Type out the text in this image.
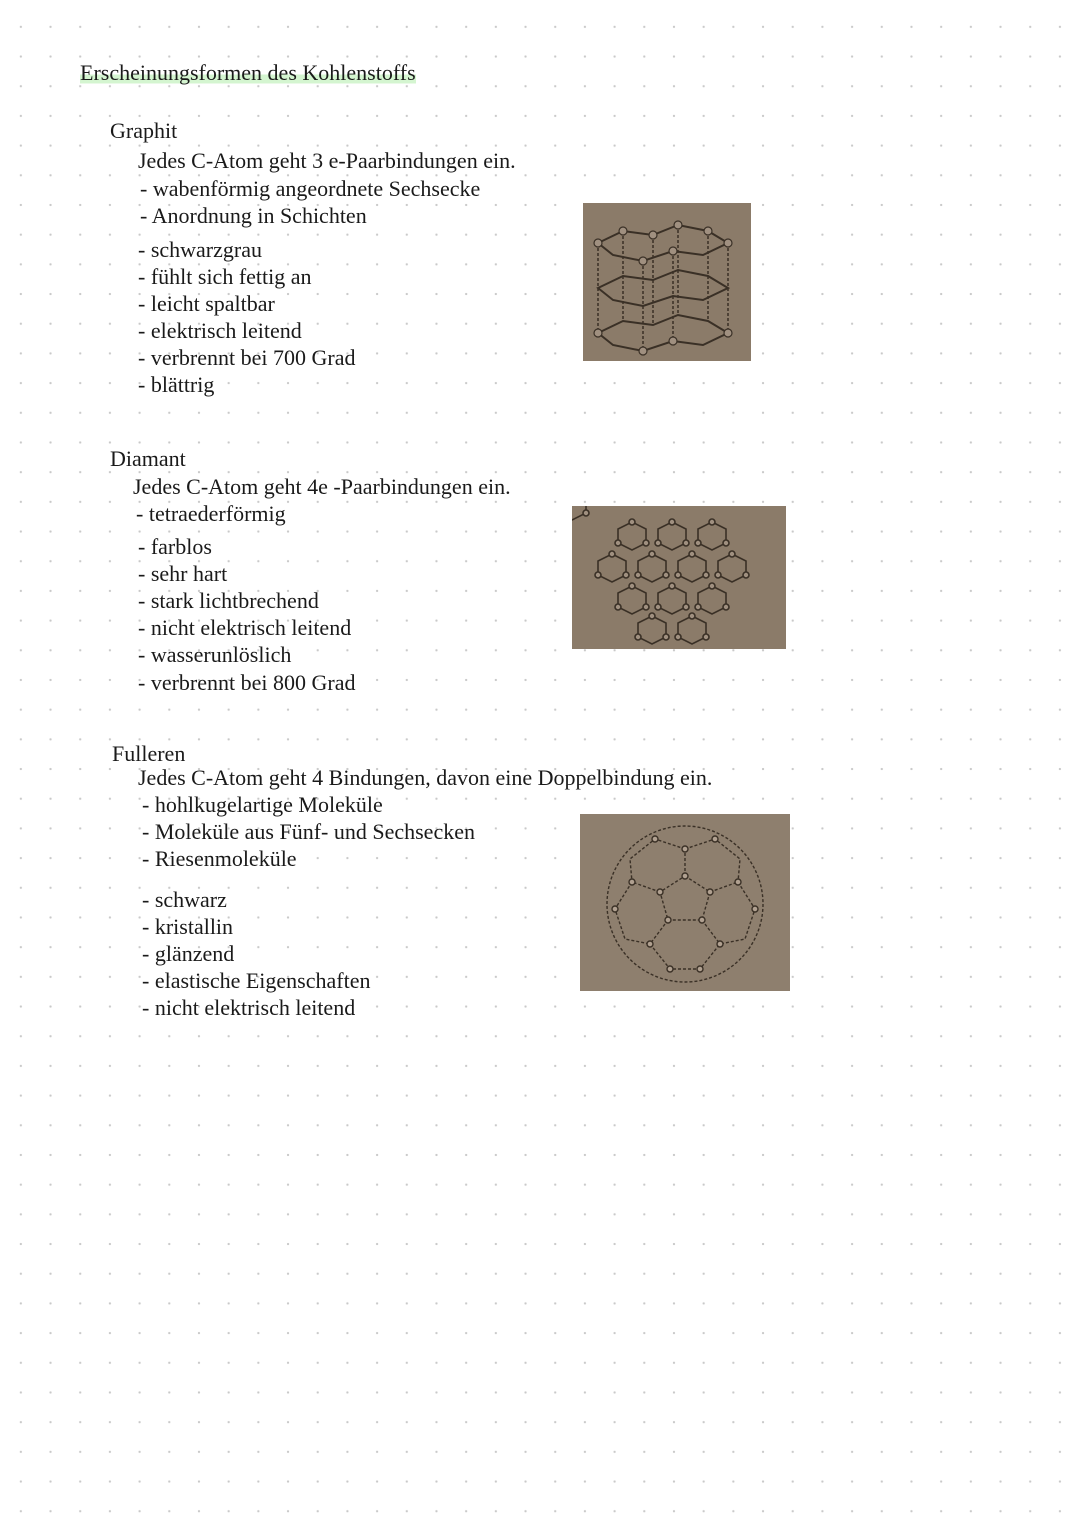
Erscheinungsformen des Kohlenstoffs
Graphit
Jedes C-Atom geht 3 e-Paarbindungen ein.
- wabenförmig angeordnete Sechsecke
- Anordnung in Schichten
- schwarzgrau
- fühlt sich fettig an
- leicht spaltbar
- elektrisch leitend
- verbrennt bei 700 Grad
- blättrig
Diamant
Jedes C-Atom geht 4e -Paarbindungen ein.
- tetraederförmig
- farblos
- sehr hart
- stark lichtbrechend
- nicht elektrisch leitend
- wasserunlöslich
- verbrennt bei 800 Grad
Fulleren
Jedes C-Atom geht 4 Bindungen, davon eine Doppelbindung ein.
- hohlkugelartige Moleküle
- Moleküle aus Fünf- und Sechsecken
- Riesenmoleküle
- schwarz
- kristallin
- glänzend
- elastische Eigenschaften
- nicht elektrisch leitend
